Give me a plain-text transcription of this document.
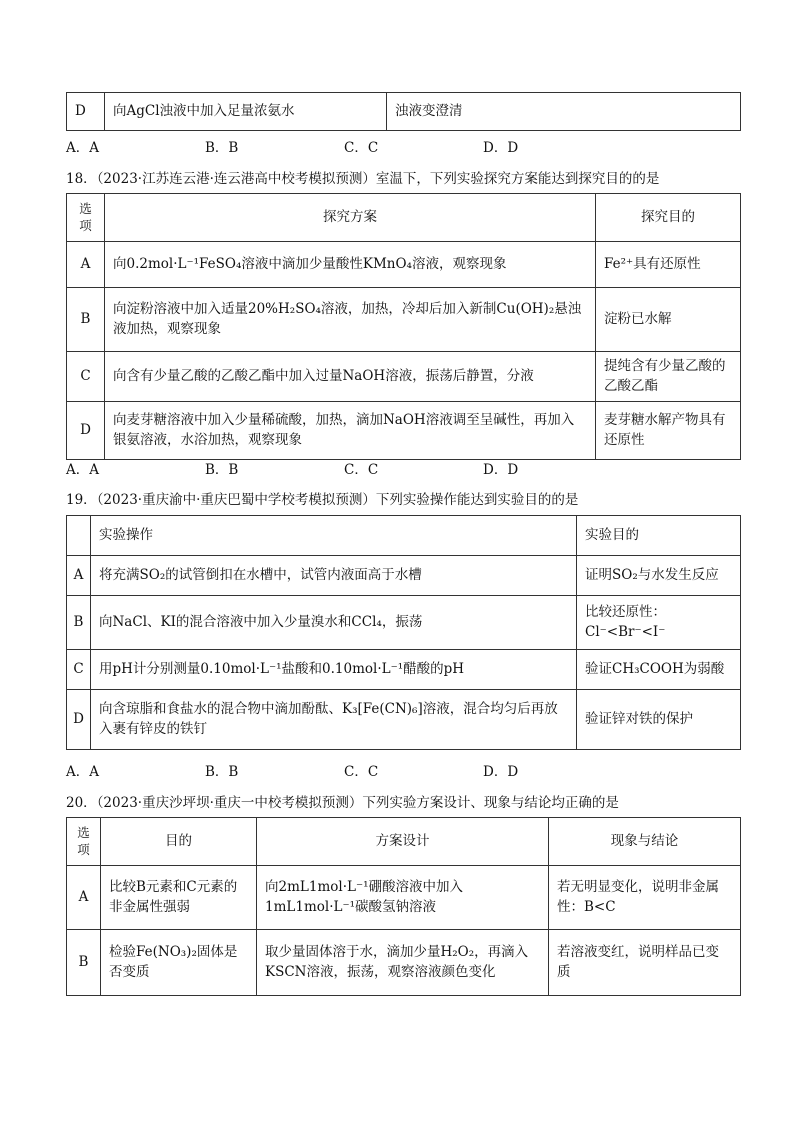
D	向AgCl浊液中加入足量浓氨水	浊液变澄清
A．A	B．B	C．C	D．D
18．（2023·江苏连云港·连云港高中校考模拟预测）室温下，下列实验探究方案能达到探究目的的是
选
项	探究方案	探究目的
A	向0.2mol·L⁻¹FeSO₄溶液中滴加少量酸性KMnO₄溶液，观察现象	Fe²⁺具有还原性
B	向淀粉溶液中加入适量20%H₂SO₄溶液，加热，冷却后加入新制Cu(OH)₂悬浊液加热，观察现象	淀粉已水解
C	向含有少量乙酸的乙酸乙酯中加入过量NaOH溶液，振荡后静置，分液	提纯含有少量乙酸的乙酸乙酯
D	向麦芽糖溶液中加入少量稀硫酸，加热，滴加NaOH溶液调至呈碱性，再加入银氨溶液，水浴加热，观察现象	麦芽糖水解产物具有还原性
A．A	B．B	C．C	D．D
19．（2023·重庆渝中·重庆巴蜀中学校考模拟预测）下列实验操作能达到实验目的的是
	实验操作	实验目的
A	将充满SO₂的试管倒扣在水槽中，试管内液面高于水槽	证明SO₂与水发生反应
B	向NaCl、KI的混合溶液中加入少量溴水和CCl₄，振荡	比较还原性：Cl⁻<Br⁻<I⁻
C	用pH计分别测量0.10mol·L⁻¹盐酸和0.10mol·L⁻¹醋酸的pH	验证CH₃COOH为弱酸
D	向含琼脂和食盐水的混合物中滴加酚酞、K₃[Fe(CN)₆]溶液，混合均匀后再放入裹有锌皮的铁钉	验证锌对铁的保护
A．A	B．B	C．C	D．D
20．（2023·重庆沙坪坝·重庆一中校考模拟预测）下列实验方案设计、现象与结论均正确的是
选
项	目的	方案设计	现象与结论
A	比较B元素和C元素的非金属性强弱	向2mL1mol·L⁻¹硼酸溶液中加入1mL1mol·L⁻¹碳酸氢钠溶液	若无明显变化，说明非金属性：B<C
B	检验Fe(NO₃)₂固体是否变质	取少量固体溶于水，滴加少量H₂O₂，再滴入KSCN溶液，振荡，观察溶液颜色变化	若溶液变红，说明样品已变质
